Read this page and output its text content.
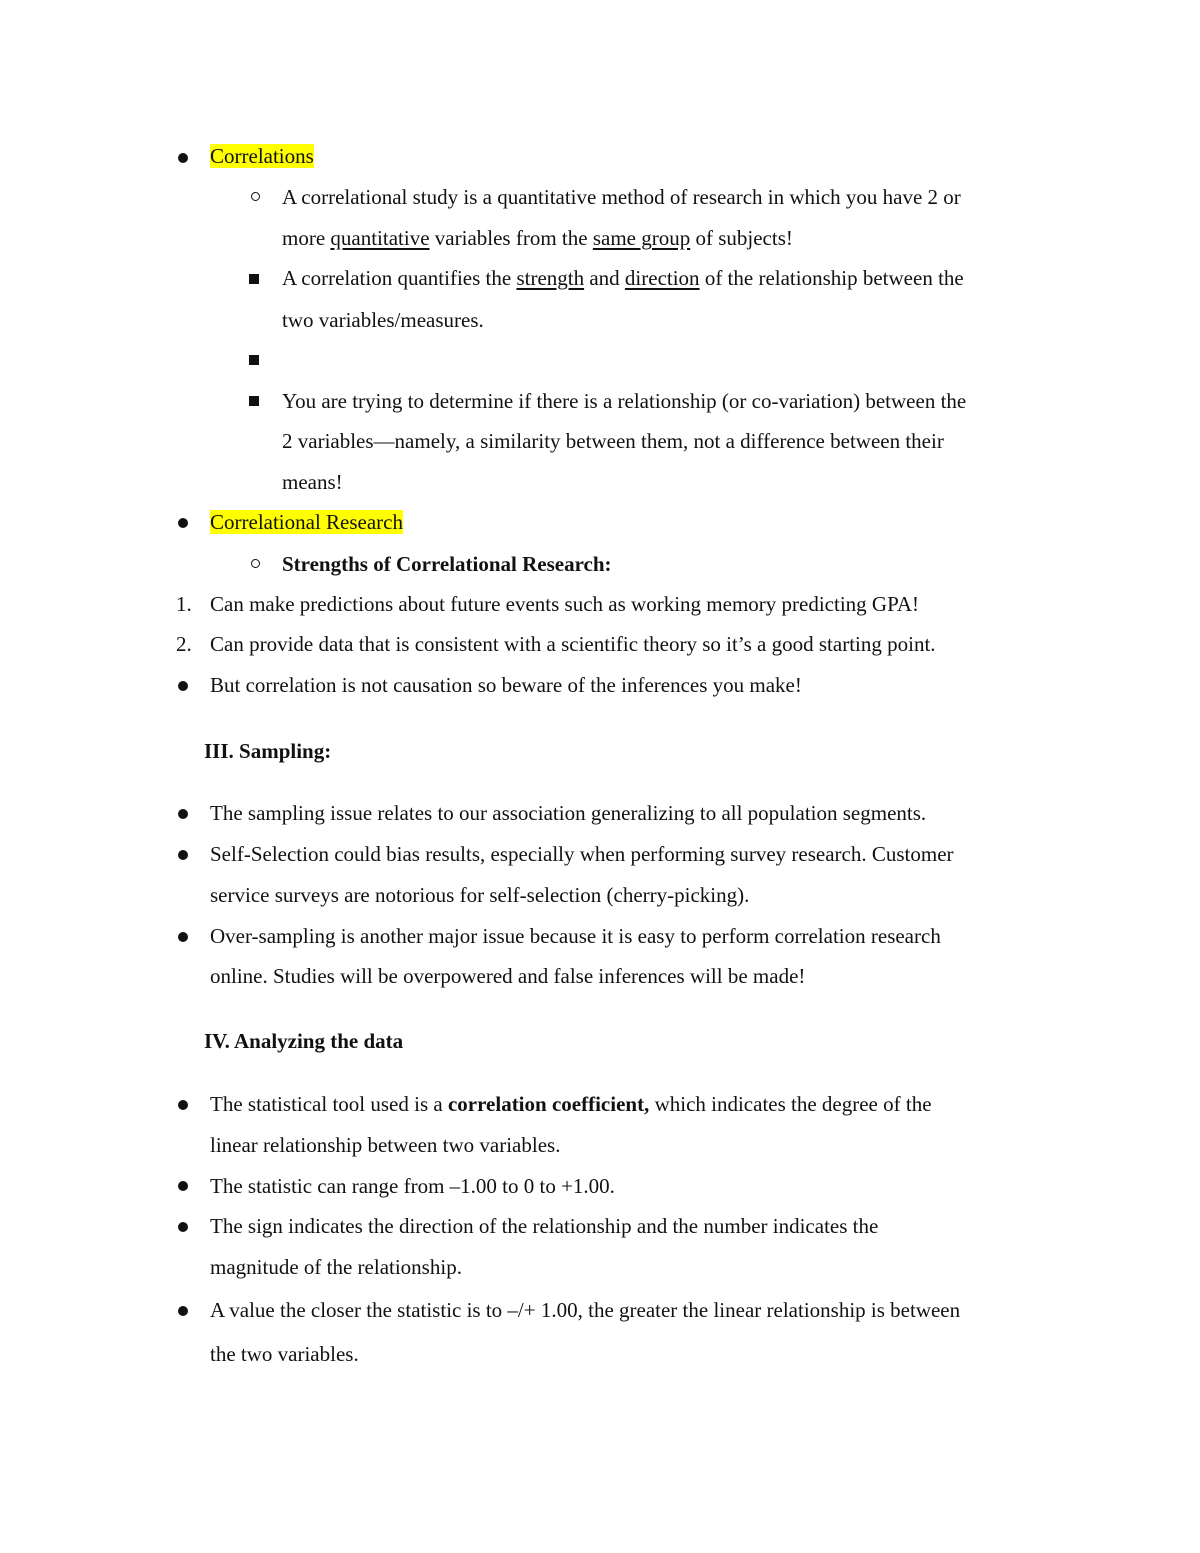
Correlations
A correlational study is a quantitative method of research in which you have 2 or
more quantitative variables from the same group of subjects!
A correlation quantifies the strength and direction of the relationship between the
two variables/measures.
You are trying to determine if there is a relationship (or co-variation) between the
2 variables—namely, a similarity between them, not a difference between their
means!
Correlational Research
Strengths of Correlational Research:
1. Can make predictions about future events such as working memory predicting GPA!
2. Can provide data that is consistent with a scientific theory so it’s a good starting point.
But correlation is not causation so beware of the inferences you make!
III. Sampling:
The sampling issue relates to our association generalizing to all population segments.
Self-Selection could bias results, especially when performing survey research. Customer
service surveys are notorious for self-selection (cherry-picking).
Over-sampling is another major issue because it is easy to perform correlation research
online. Studies will be overpowered and false inferences will be made!
IV. Analyzing the data
The statistical tool used is a correlation coefficient, which indicates the degree of the
linear relationship between two variables.
The statistic can range from –1.00 to 0 to +1.00.
The sign indicates the direction of the relationship and the number indicates the
magnitude of the relationship.
A value the closer the statistic is to –/+ 1.00, the greater the linear relationship is between
the two variables.
